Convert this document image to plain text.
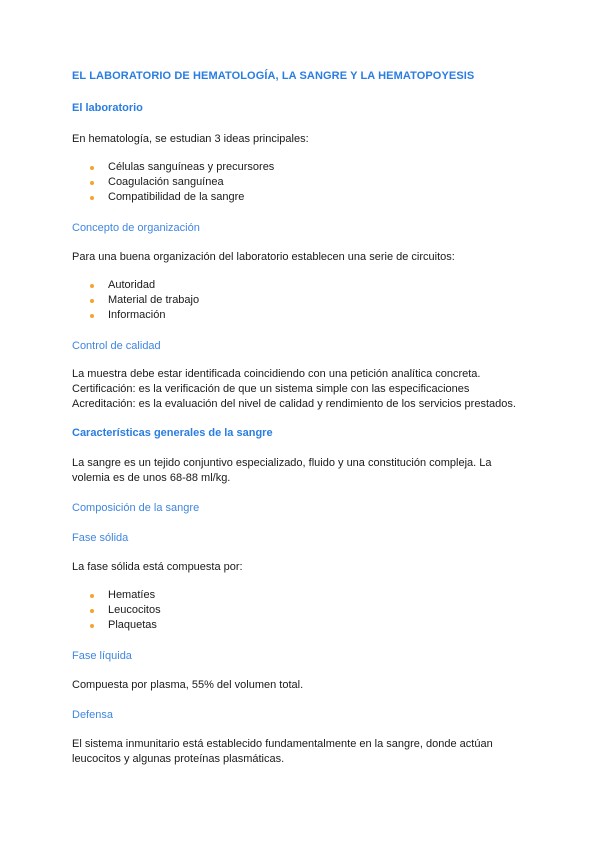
EL LABORATORIO DE HEMATOLOGÍA, LA SANGRE Y LA HEMATOPOYESIS

El laboratorio

En hematología, se estudian 3 ideas principales:

Células sanguíneas y precursores
Coagulación sanguínea
Compatibilidad de la sangre

Concepto de organización

Para una buena organización del laboratorio establecen una serie de circuitos:

Autoridad
Material de trabajo
Información

Control de calidad

La muestra debe estar identificada coincidiendo con una petición analítica concreta.

Certificación: es la verificación de que un sistema simple con las especificaciones

Acreditación: es la evaluación del nivel de calidad y rendimiento de los servicios prestados.

Características generales de la sangre

La sangre es un tejido conjuntivo especializado, fluido y una constitución compleja. La

volemia es de unos 68-88 ml/kg.

Composición de la sangre

Fase sólida

La fase sólida está compuesta por:

Hematíes
Leucocitos
Plaquetas

Fase líquida

Compuesta por plasma, 55% del volumen total.

Defensa

El sistema inmunitario está establecido fundamentalmente en la sangre, donde actúan

leucocitos y algunas proteínas plasmáticas.
